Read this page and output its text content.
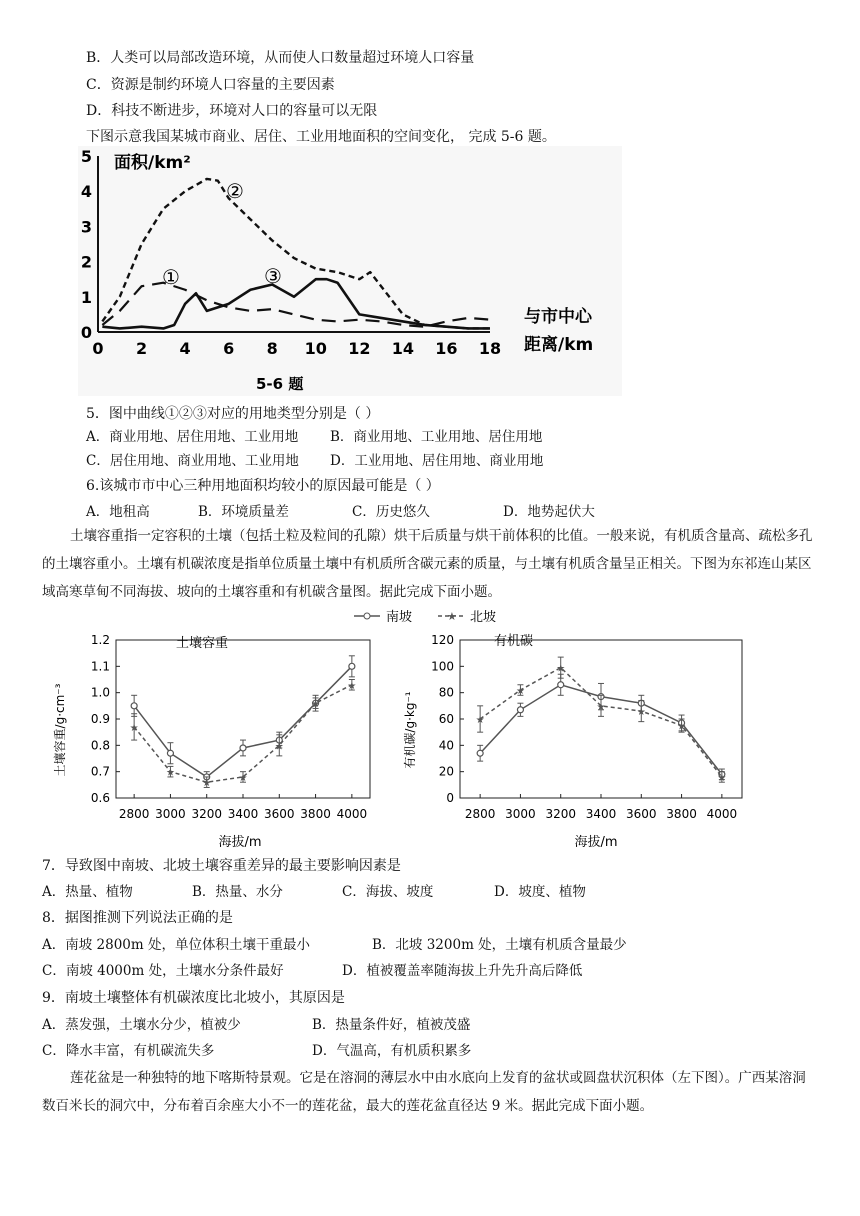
B．人类可以局部改造环境，从而使人口数量超过环境人口容量
C．资源是制约环境人口容量的主要因素
D．科技不断进步，环境对人口的容量可以无限
下图示意我国某城市商业、居住、工业用地面积的空间变化， 完成 5-6 题。
0 2 4 6 8 10 12 14 16 18
0
1
2
3
4
5 面积/km²
与市中心
距离/km
5-6 题
①
②
③
5．图中曲线①②③对应的用地类型分别是（ ）
A．商业用地、居住用地、工业用地 B．商业用地、工业用地、居住用地
C．居住用地、商业用地、工业用地 D．工业用地、居住用地、商业用地
6.该城市市中心三种用地面积均较小的原因最可能是（ ）
A．地租高	B．环境质量差	C．历史悠久	D．地势起伏大
土壤容重指一定容积的土壤（包括土粒及粒间的孔隙）烘干后质量与烘干前体积的比值。一般来说，有机质含量高、疏松多孔的土壤容重小。土壤有机碳浓度是指单位质量土壤中有机质所含碳元素的质量，与土壤有机质含量呈正相关。下图为东祁连山某区域高寒草甸不同海拔、坡向的土壤容重和有机碳含量图。据此完成下面小题。
南坡	★ 北坡
2800 3000 3200 3400 3600 3800 4000
0.6
0.7
0.8
0.9
1.0
1.1
1.2
★
★
★	★
★
★
★
土壤容重
海拔/m
土壤容重/g·cm⁻³
2800 3000 3200 3400 3600 3800 4000
0
20
40
60
80
100
120
★
★
★
★	★
★
★
有机碳
海拔/m
有机碳/g·kg⁻¹
7．导致图中南坡、北坡土壤容重差异的最主要影响因素是
A．热量、植物	B．热量、水分	C．海拔、坡度	D．坡度、植物
8．据图推测下列说法正确的是
A．南坡 2800m 处，单位体积土壤干重最小	B．北坡 3200m 处，土壤有机质含量最少
C．南坡 4000m 处，土壤水分条件最好	D．植被覆盖率随海拔上升先升高后降低
9．南坡土壤整体有机碳浓度比北坡小，其原因是
A．蒸发强，土壤水分少，植被少	B．热量条件好，植被茂盛
C．降水丰富，有机碳流失多	D．气温高，有机质积累多
莲花盆是一种独特的地下喀斯特景观。它是在溶洞的薄层水中由水底向上发育的盆状或圆盘状沉积体（左下图）。广西某溶洞数百米长的洞穴中，分布着百余座大小不一的莲花盆，最大的莲花盆直径达 9 米。据此完成下面小题。
